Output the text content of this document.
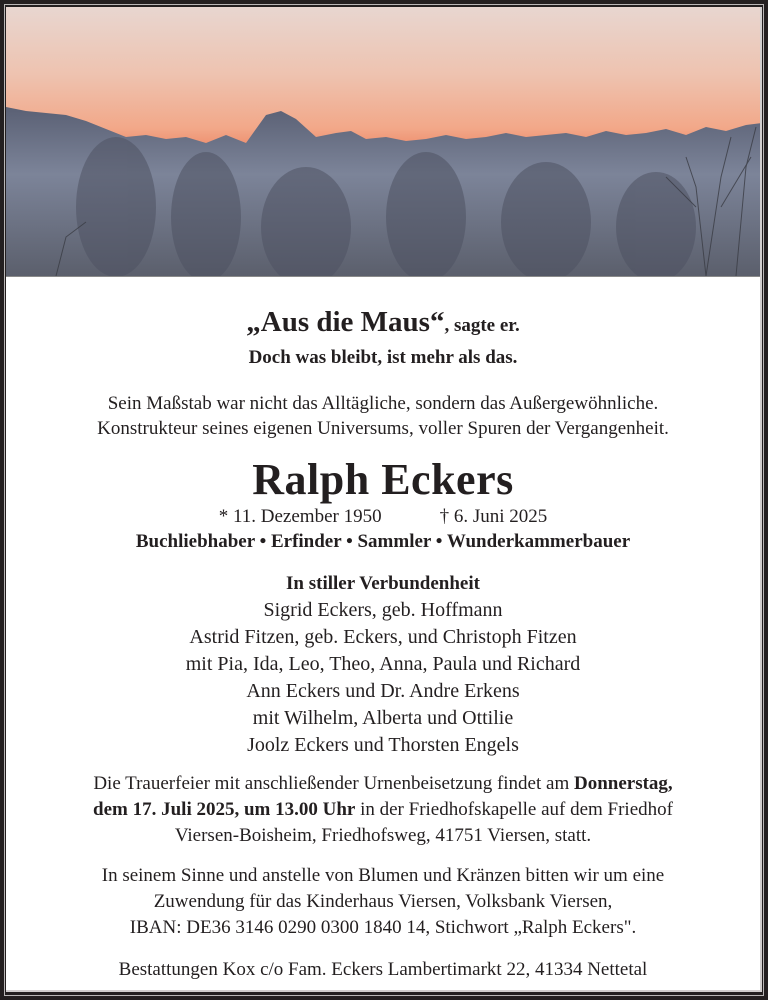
„Aus die Maus“, sagte er.
Doch was bleibt, ist mehr als das.
Sein Maßstab war nicht das Alltägliche, sondern das Außergewöhnliche.
Konstrukteur seines eigenen Universums, voller Spuren der Vergangenheit.
Ralph Eckers
* 11. Dezember 1950	† 6. Juni 2025
Buchliebhaber • Erfinder • Sammler • Wunderkammerbauer
In stiller Verbundenheit
Sigrid Eckers, geb. Hoffmann
Astrid Fitzen, geb. Eckers, und Christoph Fitzen
mit Pia, Ida, Leo, Theo, Anna, Paula und Richard
Ann Eckers und Dr. Andre Erkens
mit Wilhelm, Alberta und Ottilie
Joolz Eckers und Thorsten Engels
Die Trauerfeier mit anschließender Urnenbeisetzung findet am Donnerstag,
dem 17. Juli 2025, um 13.00 Uhr in der Friedhofskapelle auf dem Friedhof
Viersen-Boisheim, Friedhofsweg, 41751 Viersen, statt.
In seinem Sinne und anstelle von Blumen und Kränzen bitten wir um eine
Zuwendung für das Kinderhaus Viersen, Volksbank Viersen,
IBAN: DE36 3146 0290 0300 1840 14, Stichwort „Ralph Eckers".
Bestattungen Kox c/o Fam. Eckers Lambertimarkt 22, 41334 Nettetal
